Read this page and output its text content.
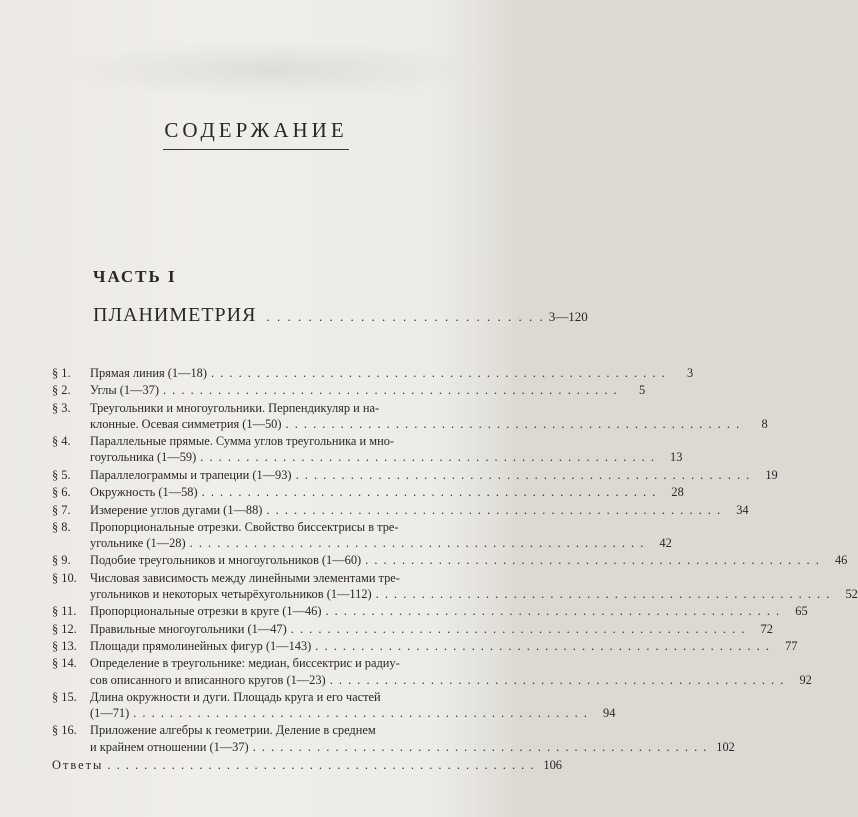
СОДЕРЖАНИЕ
ЧАСТЬ I
ПЛАНИМЕТРИЯ . . . . . . . . . . . . . . . . . . . . . . . . . . . 3—120
§ 1.	Прямая линия (1—18) . . . . . . . . . . . . . . . . . . . . . . . . . . . . . . . . . . . . . . . . . . . . . . . . . .	3
§ 2.	Углы (1—37) . . . . . . . . . . . . . . . . . . . . . . . . . . . . . . . . . . . . . . . . . . . . . . . . . .	5
§ 3.	Треугольники и многоугольники. Перпендикуляр и на-
клонные. Осевая симметрия (1—50) . . . . . . . . . . . . . . . . . . . . . . . . . . . . . . . . . . . . . . . . . . . . . . . . . .	8
§ 4.	Параллельные прямые. Сумма углов треугольника и мно-
гоугольника (1—59) . . . . . . . . . . . . . . . . . . . . . . . . . . . . . . . . . . . . . . . . . . . . . . . . . .	13
§ 5.	Параллелограммы и трапеции (1—93) . . . . . . . . . . . . . . . . . . . . . . . . . . . . . . . . . . . . . . . . . . . . . . . . . .	19
§ 6.	Окружность (1—58) . . . . . . . . . . . . . . . . . . . . . . . . . . . . . . . . . . . . . . . . . . . . . . . . . .	28
§ 7.	Измерение углов дугами (1—88) . . . . . . . . . . . . . . . . . . . . . . . . . . . . . . . . . . . . . . . . . . . . . . . . . .	34
§ 8.	Пропорциональные отрезки. Свойство биссектрисы в тре-
угольнике (1—28) . . . . . . . . . . . . . . . . . . . . . . . . . . . . . . . . . . . . . . . . . . . . . . . . . .	42
§ 9.	Подобие треугольников и многоугольников (1—60) . . . . . . . . . . . . . . . . . . . . . . . . . . . . . . . . . . . . . . . . . . . . . . . . . .	46
§ 10.	Числовая зависимость между линейными элементами тре-
угольников и некоторых четырёхугольников (1—112) . . . . . . . . . . . . . . . . . . . . . . . . . . . . . . . . . . . . . . . . . . . . . . . . . .	52
§ 11.	Пропорциональные отрезки в круге (1—46) . . . . . . . . . . . . . . . . . . . . . . . . . . . . . . . . . . . . . . . . . . . . . . . . . .	65
§ 12.	Правильные многоугольники (1—47) . . . . . . . . . . . . . . . . . . . . . . . . . . . . . . . . . . . . . . . . . . . . . . . . . .	72
§ 13.	Площади прямолинейных фигур (1—143) . . . . . . . . . . . . . . . . . . . . . . . . . . . . . . . . . . . . . . . . . . . . . . . . . .	77
§ 14.	Определение в треугольнике: медиан, биссектрис и радиу-
сов описанного и вписанного кругов (1—23) . . . . . . . . . . . . . . . . . . . . . . . . . . . . . . . . . . . . . . . . . . . . . . . . . .	92
§ 15.	Длина окружности и дуги. Площадь круга и его частей
(1—71) . . . . . . . . . . . . . . . . . . . . . . . . . . . . . . . . . . . . . . . . . . . . . . . . . .	94
§ 16.	Приложение алгебры к геометрии. Деление в среднем
и крайнем отношении (1—37) . . . . . . . . . . . . . . . . . . . . . . . . . . . . . . . . . . . . . . . . . . . . . . . . . . 102
Ответы . . . . . . . . . . . . . . . . . . . . . . . . . . . . . . . . . . . . . . . . . . . . . . . 106
